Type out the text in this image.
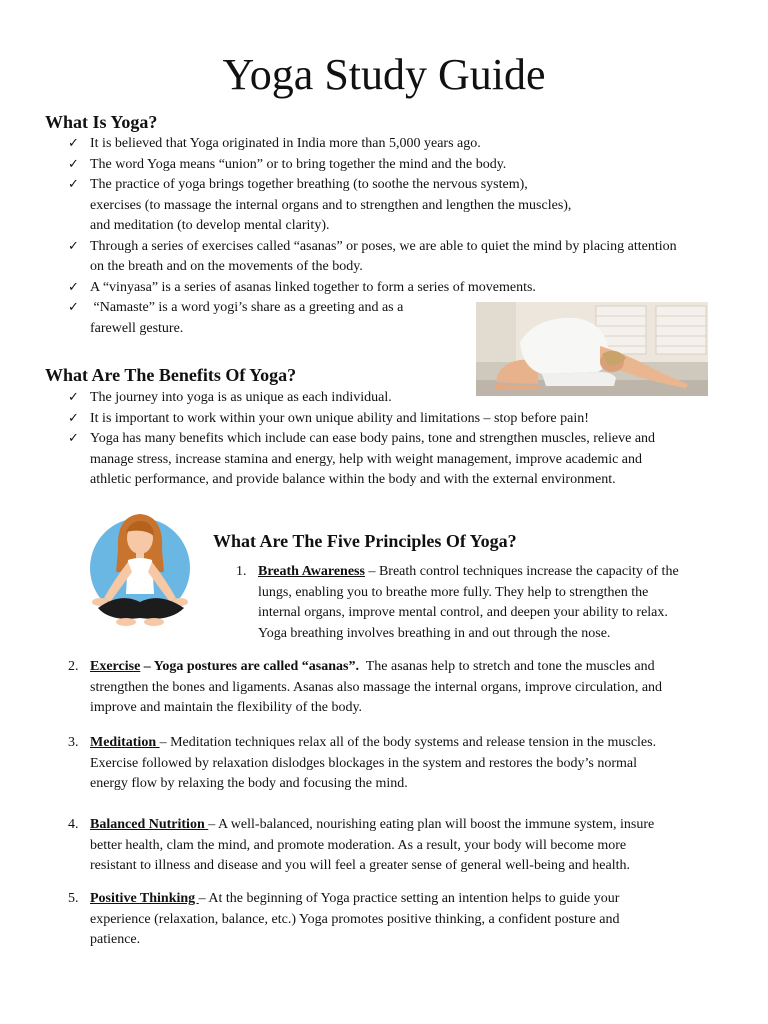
Yoga Study Guide
What Is Yoga?
✓ It is believed that Yoga originated in India more than 5,000 years ago.
✓ The word Yoga means “union” or to bring together the mind and the body.
✓ The practice of yoga brings together breathing (to soothe the nervous system),
exercises (to massage the internal organs and to strengthen and lengthen the muscles),
and meditation (to develop mental clarity).
✓ Through a series of exercises called “asanas” or poses, we are able to quiet the mind by placing attention
on the breath and on the movements of the body.
✓ A “vinyasa” is a series of asanas linked together to form a series of movements.
✓ “Namaste” is a word yogi’s share as a greeting and as a
farewell gesture.
What Are The Benefits Of Yoga?
✓ The journey into yoga is as unique as each individual.
✓ It is important to work within your own unique ability and limitations – stop before pain!
✓ Yoga has many benefits which include can ease body pains, tone and strengthen muscles, relieve and
manage stress, increase stamina and energy, help with weight management, improve academic and
athletic performance, and provide balance within the body and with the external environment.
What Are The Five Principles Of Yoga?
1. Breath Awareness – Breath control techniques increase the capacity of the
lungs, enabling you to breathe more fully. They help to strengthen the
internal organs, improve mental control, and deepen your ability to relax.
Yoga breathing involves breathing in and out through the nose.
2. Exercise – Yoga postures are called “asanas”.  The asanas help to stretch and tone the muscles and
strengthen the bones and ligaments. Asanas also massage the internal organs, improve circulation, and
improve and maintain the flexibility of the body.
3. Meditation – Meditation techniques relax all of the body systems and release tension in the muscles.
Exercise followed by relaxation dislodges blockages in the system and restores the body’s normal
energy flow by relaxing the body and focusing the mind.
4. Balanced Nutrition – A well-balanced, nourishing eating plan will boost the immune system, insure
better health, clam the mind, and promote moderation. As a result, your body will become more
resistant to illness and disease and you will feel a greater sense of general well-being and health.
5. Positive Thinking – At the beginning of Yoga practice setting an intention helps to guide your
experience (relaxation, balance, etc.) Yoga promotes positive thinking, a confident posture and
patience.
